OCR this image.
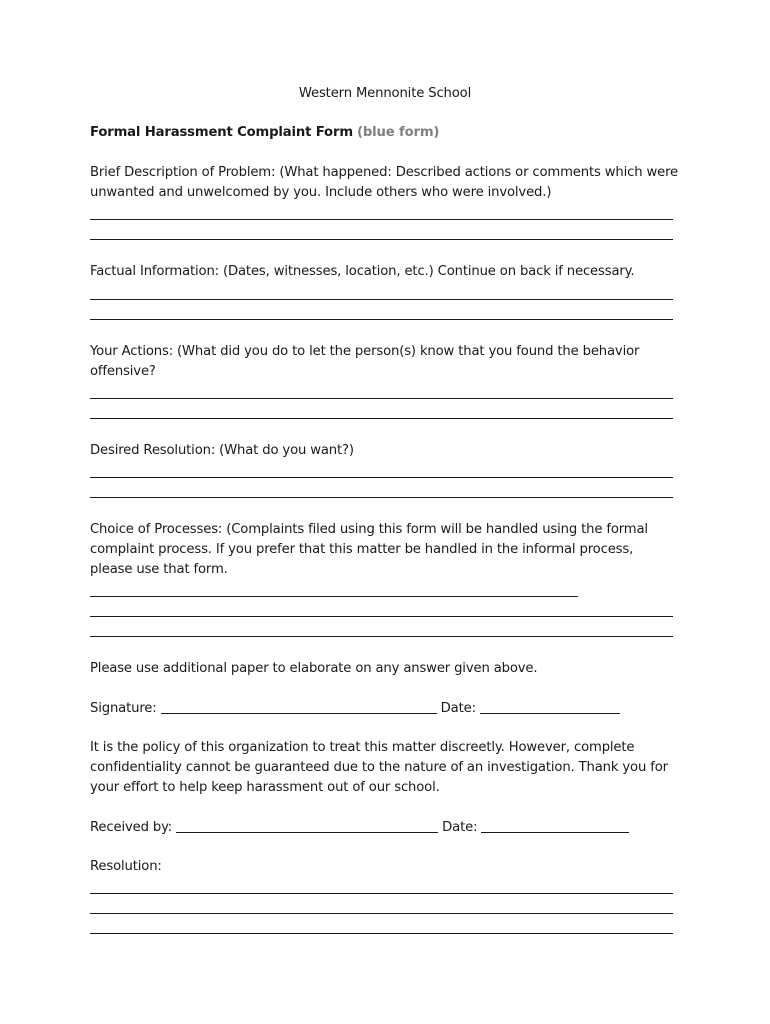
Western Mennonite School
Formal Harassment Complaint Form (blue form)
Brief Description of Problem: (What happened: Described actions or comments which were unwanted and unwelcomed by you. Include others who were involved.)
Factual Information: (Dates, witnesses, location, etc.) Continue on back if necessary.
Your Actions: (What did you do to let the person(s) know that you found the behavior offensive?
Desired Resolution: (What do you want?)
Choice of Processes: (Complaints filed using this form will be handled using the formal complaint process. If you prefer that this matter be handled in the informal process, please use that form.
Please use additional paper to elaborate on any answer given above.
Signature:	Date:
It is the policy of this organization to treat this matter discreetly. However, complete confidentiality cannot be guaranteed due to the nature of an investigation. Thank you for your effort to help keep harassment out of our school.
Received by:	Date:
Resolution:
